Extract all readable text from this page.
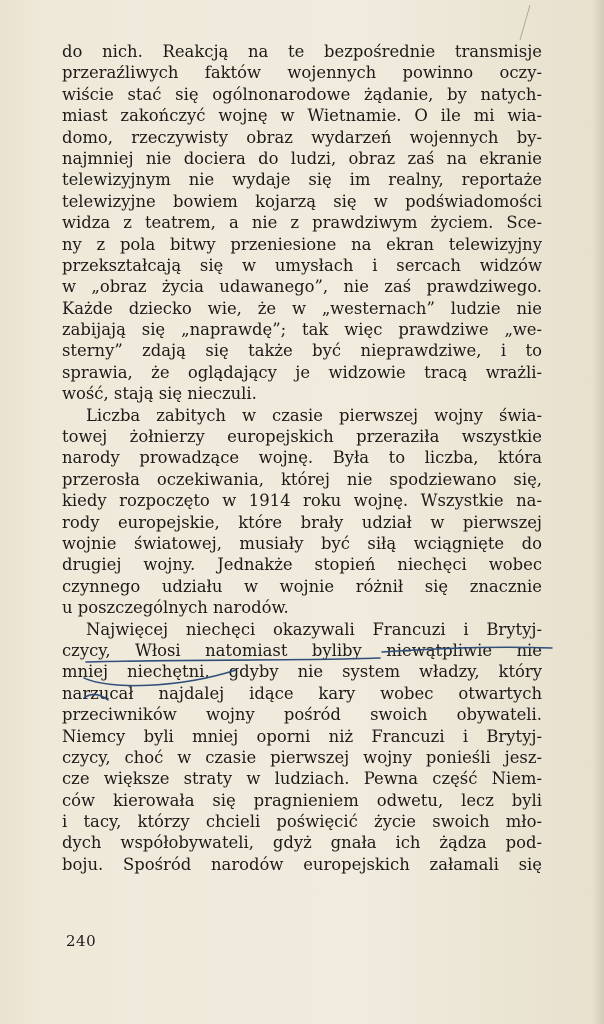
do nich. Reakcją na te bezpośrednie transmisje
przeraźliwych faktów wojennych powinno oczy-
wiście stać się ogólnonarodowe żądanie, by natych-
miast zakończyć wojnę w Wietnamie. O ile mi wia-
domo, rzeczywisty obraz wydarzeń wojennych by-
najmniej nie dociera do ludzi, obraz zaś na ekranie
telewizyjnym nie wydaje się im realny, reportaże
telewizyjne bowiem kojarzą się w podświadomości
widza z teatrem, a nie z prawdziwym życiem. Sce-
ny z pola bitwy przeniesione na ekran telewizyjny
przekształcają się w umysłach i sercach widzów
w „obraz życia udawanego”, nie zaś prawdziwego.
Każde dziecko wie, że w „westernach” ludzie nie
zabijają się „naprawdę”; tak więc prawdziwe „we-
sterny” zdają się także być nieprawdziwe, i to
sprawia, że oglądający je widzowie tracą wrażli-
wość, stają się nieczuli.
Liczba zabitych w czasie pierwszej wojny świa-
towej żołnierzy europejskich przeraziła wszystkie
narody prowadzące wojnę. Była to liczba, która
przerosła oczekiwania, której nie spodziewano się,
kiedy rozpoczęto w 1914 roku wojnę. Wszystkie na-
rody europejskie, które brały udział w pierwszej
wojnie światowej, musiały być siłą wciągnięte do
drugiej wojny. Jednakże stopień niechęci wobec
czynnego udziału w wojnie różnił się znacznie
u poszczególnych narodów.
Najwięcej niechęci okazywali Francuzi i Brytyj-
czycy, Włosi natomiast byliby niewątpliwie nie
mniej niechętni, gdyby nie system władzy, który
narzucał najdalej idące kary wobec otwartych
przeciwników wojny pośród swoich obywateli.
Niemcy byli mniej oporni niż Francuzi i Brytyj-
czycy, choć w czasie pierwszej wojny ponieśli jesz-
cze większe straty w ludziach. Pewna część Niem-
ców kierowała się pragnieniem odwetu, lecz byli
i tacy, którzy chcieli poświęcić życie swoich mło-
dych współobywateli, gdyż gnała ich żądza pod-
boju. Spośród narodów europejskich załamali się
240
